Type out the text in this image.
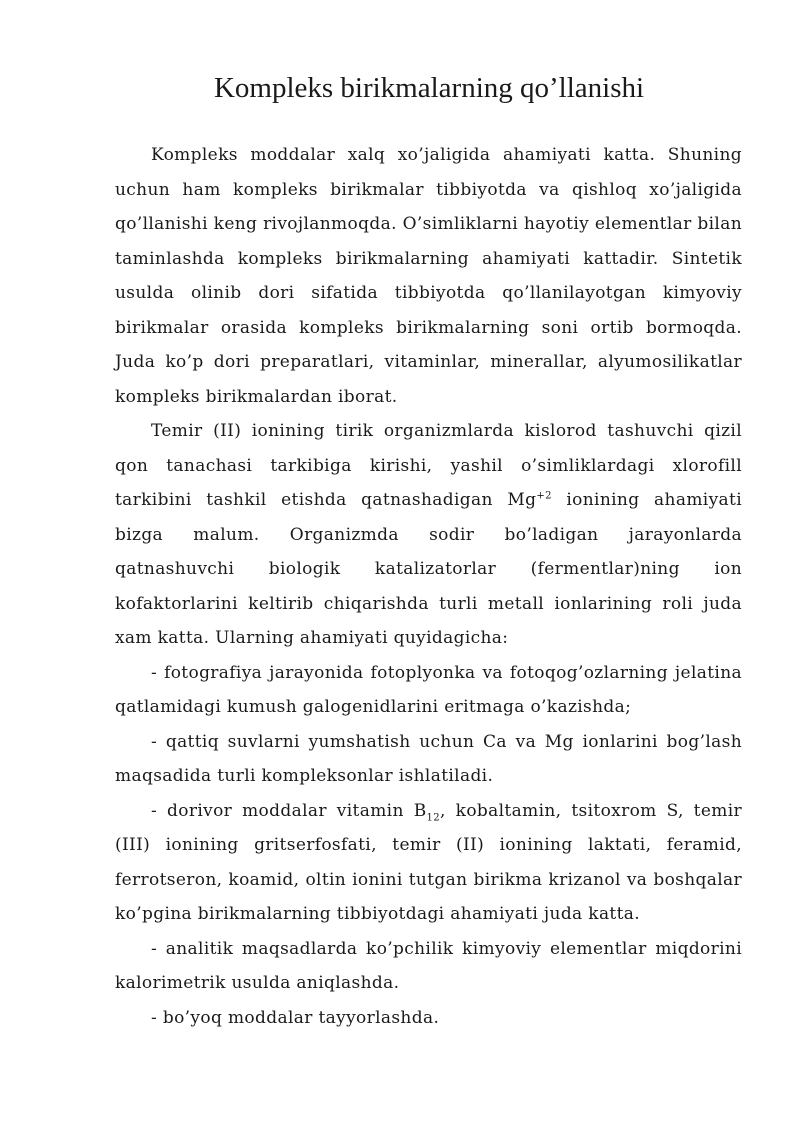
Kompleks birikmalarning qo’llanishi

Kompleks moddalar xalq xo’jaligida ahamiyati katta. Shuning uchun ham kompleks birikmalar tibbiyotda va qishloq xo’jaligida qo’llanishi keng rivojlanmoqda. O’simliklarni hayotiy elementlar bilan taminlashda kompleks birikmalarning ahamiyati kattadir. Sintetik usulda olinib dori sifatida tibbiyotda qo’llanilayotgan kimyoviy birikmalar orasida kompleks birikmalarning soni ortib bormoqda. Juda ko’p dori preparatlari, vitaminlar, minerallar, alyumosilikatlar kompleks birikmalardan iborat.

Temir (II) ionining tirik organizmlarda kislorod tashuvchi qizil qon tanachasi tarkibiga kirishi, yashil o’simliklardagi xlorofill tarkibini tashkil etishda qatnashadigan $Mg^{+2}$ ionining ahamiyati bizga malum. Organizmda sodir bo’ladigan jarayonlarda qatnashuvchi biologik katalizatorlar (fermentlar)ning ion kofaktorlarini keltirib chiqarishda turli metall ionlarining roli juda xam katta. Ularning ahamiyati quyidagicha:

- fotografiya jarayonida fotoplyonka va fotoqog’ozlarning jelatina qatlamidagi kumush galogenidlarini eritmaga o’kazishda;

- qattiq suvlarni yumshatish uchun Ca va Mg ionlarini bog’lash maqsadida turli kompleksonlar ishlatiladi.

- dorivor moddalar vitamin $B_{12}$, kobaltamin, tsitoxrom S, temir (III) ionining gritserfosfati, temir (II) ionining laktati, feramid, ferrotseron, koamid, oltin ionini tutgan birikma krizanol va boshqalar ko’pgina birikmalarning tibbiyotdagi ahamiyati juda katta.

- analitik maqsadlarda ko’pchilik kimyoviy elementlar miqdorini kalorimetrik usulda aniqlashda.

- bo’yoq moddalar tayyorlashda.
